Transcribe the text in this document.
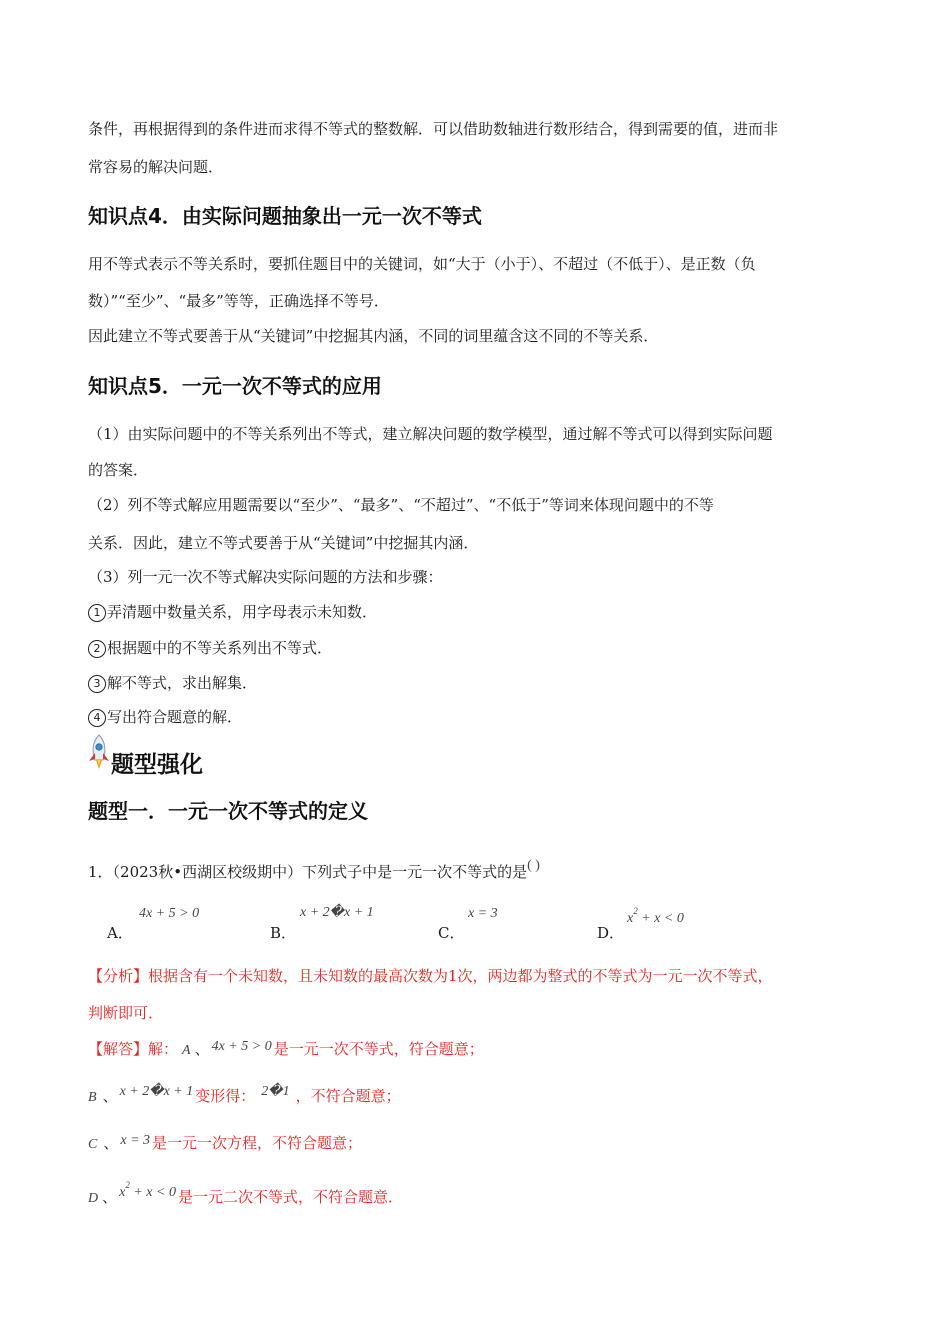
条件，再根据得到的条件进而求得不等式的整数解．可以借助数轴进行数形结合，得到需要的值，进而非
常容易的解决问题．
知识点4．由实际问题抽象出一元一次不等式
用不等式表示不等关系时，要抓住题目中的关键词，如“大于（小于）、不超过（不低于）、是正数（负
数）”“至少”、“最多”等等，正确选择不等号．
因此建立不等式要善于从“关键词”中挖掘其内涵，不同的词里蕴含这不同的不等关系．
知识点5．一元一次不等式的应用
（1）由实际问题中的不等关系列出不等式，建立解决问题的数学模型，通过解不等式可以得到实际问题
的答案．
（2）列不等式解应用题需要以“至少”、“最多”、“不超过”、“不低于”等词来体现问题中的不等
关系．因此，建立不等式要善于从“关键词”中挖掘其内涵．
（3）列一元一次不等式解决实际问题的方法和步骤：
1 弄清题中数量关系，用字母表示未知数．
2 根据题中的不等关系列出不等式．
3 解不等式，求出解集．
4 写出符合题意的解．
题型强化
题型一．一元一次不等式的定义
1．（2023秋•西湖区校级期中）下列式子中是一元一次不等式的是( )
A．
4x + 5 > 0
B．
x + 2�x + 1
C．
x = 3
D．
$x^2 + x < 0$
【分析】根据含有一个未知数，且未知数的最高次数为1次，两边都为整式的不等式为一元一次不等式，
判断即可．
【解答】解： A 、 4x + 5 > 0 是一元一次不等式，符合题意；
B 、 x + 2�x + 1 变形得： 2�1 ，不符合题意；
C 、 x = 3 是一元一次方程，不符合题意；
D 、 $x^2 + x < 0$ 是一元二次不等式，不符合题意．
